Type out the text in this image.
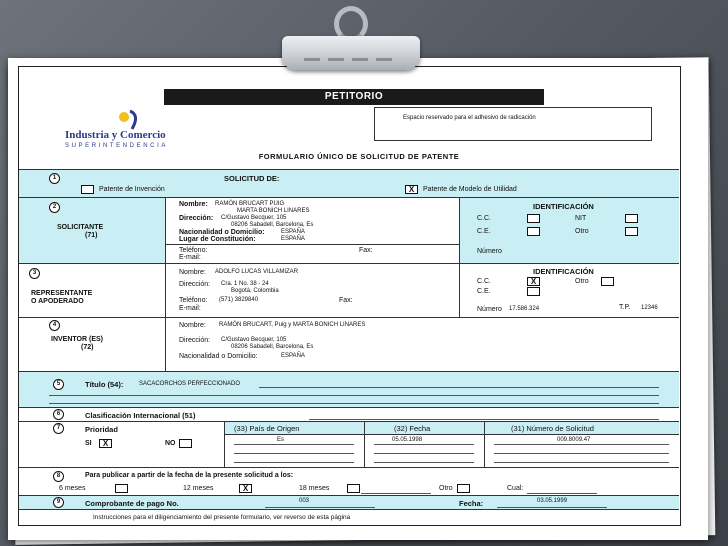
PETITORIO
Industria y Comercio
SUPERINTENDENCIA
Espacio reservado para el adhesivo de radicación
FORMULARIO ÚNICO DE SOLICITUD DE PATENTE
1	SOLICITUD DE:
Patente de Invención	X	Patente de Modelo de Utilidad
2
SOLICITANTE
(71)
Nombre: RAMÓN BRUCART PUIG
MARTA BONICH LINARES
Dirección: C/Gustavo Becquer, 105
08206 Sabadell, Barcelona, Es
Nacionalidad o Domicilio:	ESPAÑA
Lugar de Constitución:	ESPAÑA
Teléfono:	Fax:
E-mail:
IDENTIFICACIÓN
C.C.	NIT
C.E.	Otro
Número
3
REPRESENTANTE
O APODERADO
Nombre: ADOLFO LUCAS VILLAMIZAR
Dirección: Cra. 1 No. 38 - 24
Bogotá, Colombia
Teléfono: (571) 3829840	Fax:
E-mail:
IDENTIFICACIÓN
C.C.	X	Otro
C.E.
Número 17.586.324	T.P. 12346
4
INVENTOR (ES)
(72)
Nombre: RAMÓN BRUCART, Puig y MARTA BONICH LINARES
Dirección: C/Gustavo Becquer, 105
08206 Sabadell, Barcelona, Es
Nacionalidad o Domicilio:	ESPAÑA
5	Título (54):	SACACORCHOS PERFECCIONADO
6	Clasificación Internacional (51)
7	Prioridad
SI	X	NO
(33) País de Origen
Es
(32) Fecha
05.05.1998
(31) Número de Solicitud
009.8009.47
8	Para publicar a partir de la fecha de la presente solicitud a los:
6 meses	12 meses	X	18 meses	Otro	Cual:
9	Comprobante de pago No.	003	Fecha:	03.05.1999
Instrucciones para el diligenciamiento del presente formulario, ver reverso de esta página
